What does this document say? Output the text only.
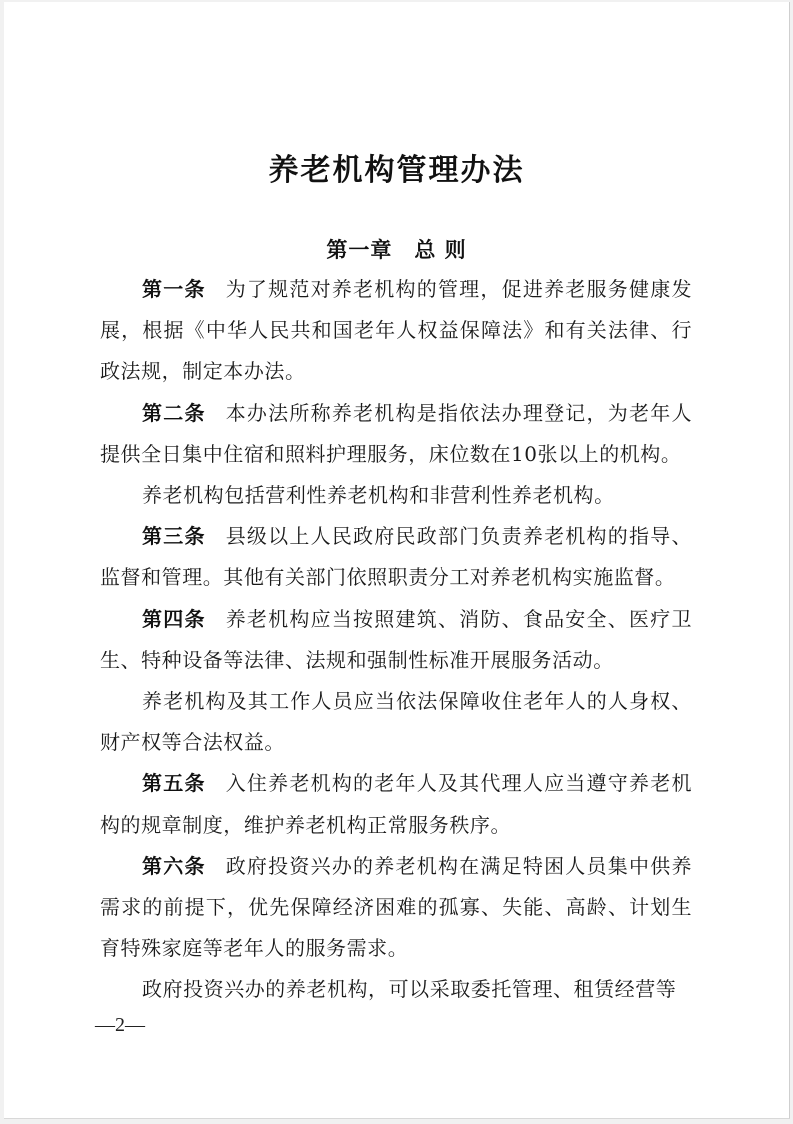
养老机构管理办法
第一章 总 则

第一条 为了规范对养老机构的管理，促进养老服务健康发展，根据《中华人民共和国老年人权益保障法》和有关法律、行政法规，制定本办法。

第二条 本办法所称养老机构是指依法办理登记，为老年人提供全日集中住宿和照料护理服务，床位数在10张以上的机构。

养老机构包括营利性养老机构和非营利性养老机构。

第三条 县级以上人民政府民政部门负责养老机构的指导、监督和管理。其他有关部门依照职责分工对养老机构实施监督。

第四条 养老机构应当按照建筑、消防、食品安全、医疗卫生、特种设备等法律、法规和强制性标准开展服务活动。

养老机构及其工作人员应当依法保障收住老年人的人身权、财产权等合法权益。

第五条 入住养老机构的老年人及其代理人应当遵守养老机构的规章制度，维护养老机构正常服务秩序。

第六条 政府投资兴办的养老机构在满足特困人员集中供养需求的前提下，优先保障经济困难的孤寡、失能、高龄、计划生育特殊家庭等老年人的服务需求。

政府投资兴办的养老机构，可以采取委托管理、租赁经营等

—2—
